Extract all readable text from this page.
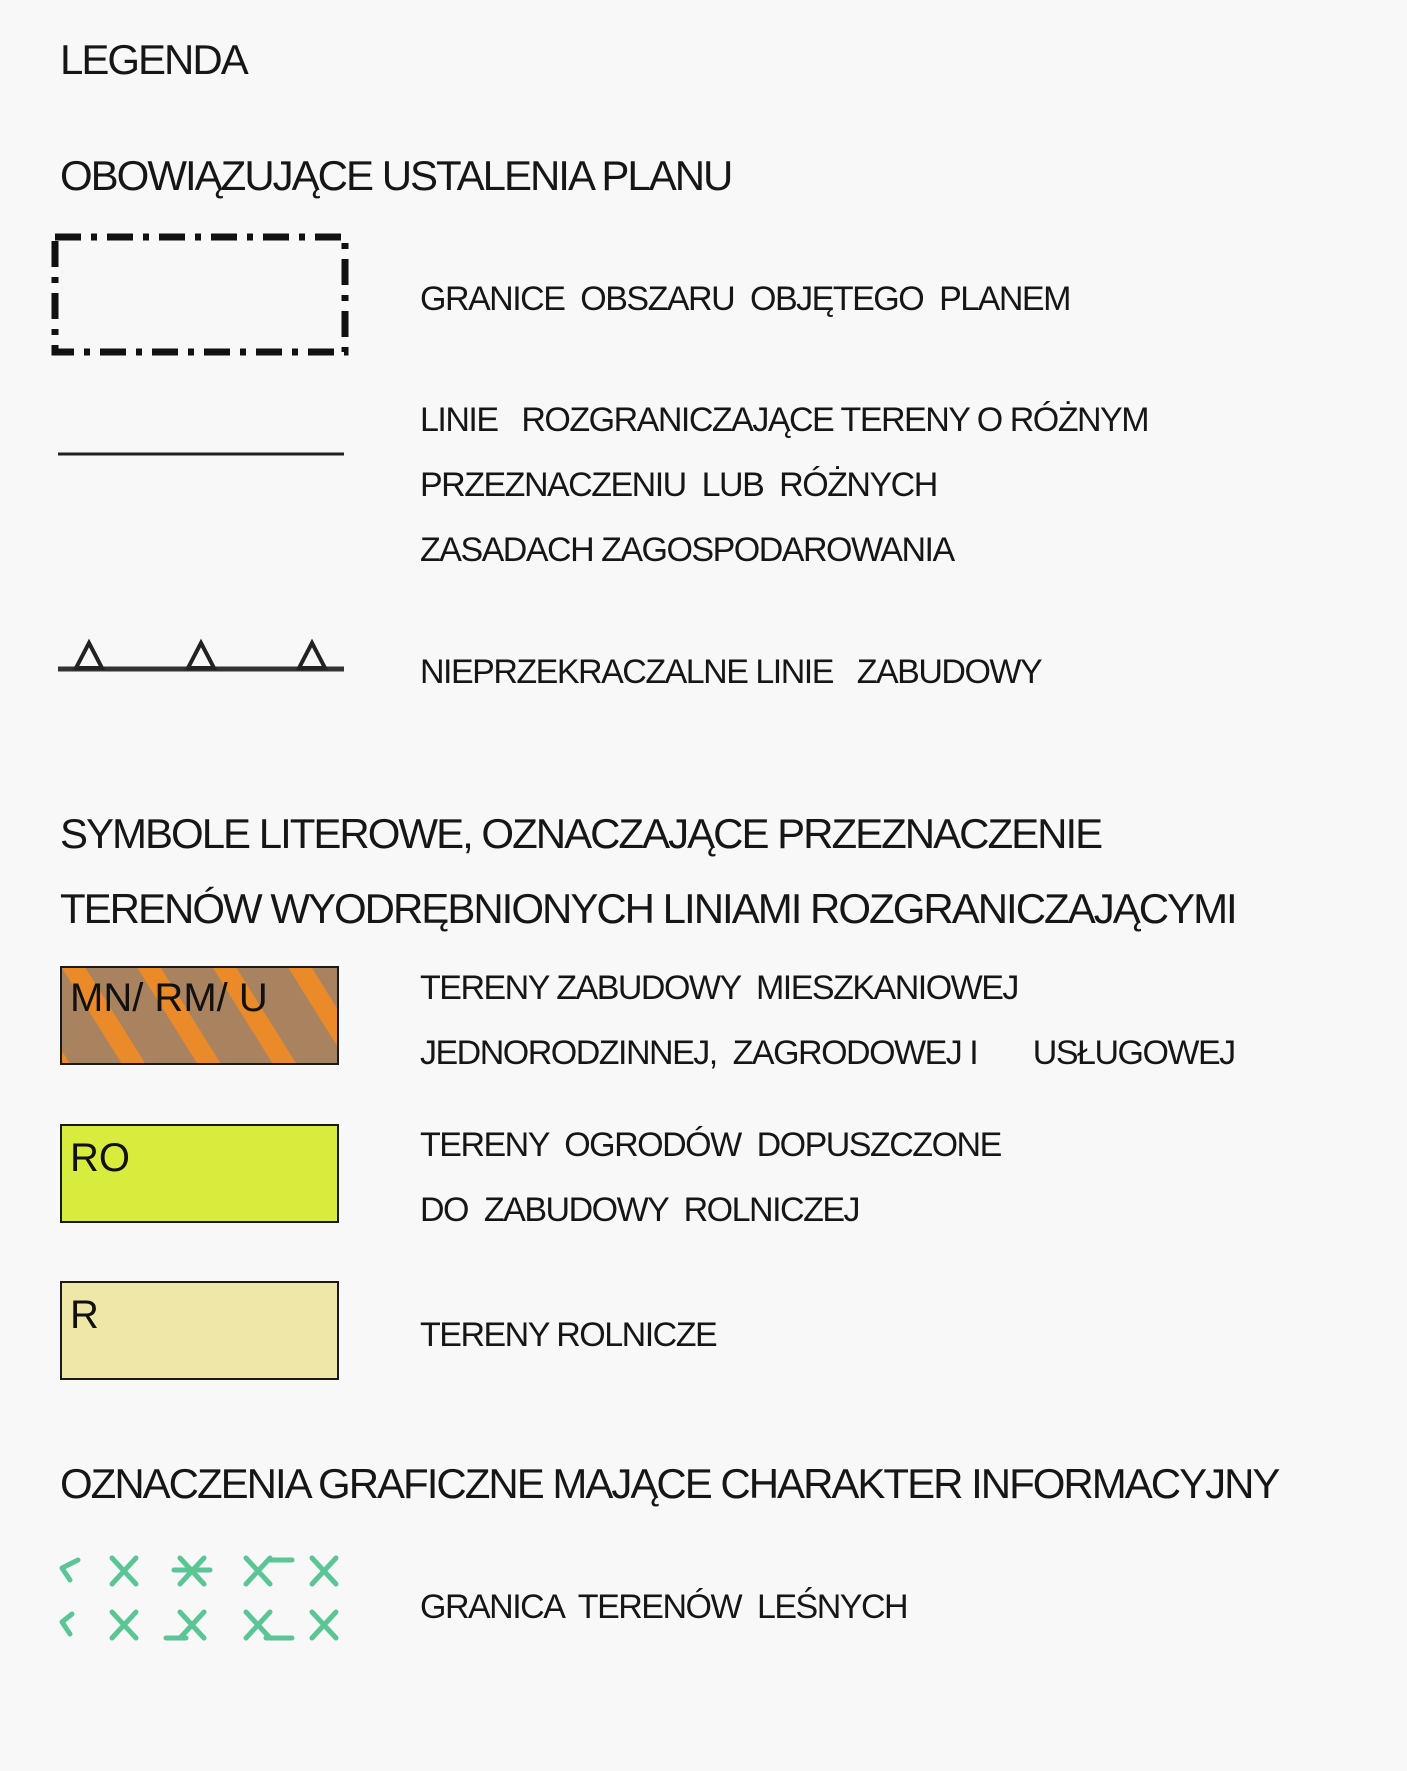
LEGENDA
OBOWIĄZUJĄCE USTALENIA PLANU
GRANICE  OBSZARU  OBJĘTEGO  PLANEM
LINIE   ROZGRANICZAJĄCE TERENY O RÓŻNYM
PRZEZNACZENIU  LUB  RÓŻNYCH
ZASADACH ZAGOSPODAROWANIA
NIEPRZEKRACZALNE LINIE   ZABUDOWY
SYMBOLE LITEROWE, OZNACZAJĄCE PRZEZNACZENIE
TERENÓW WYODRĘBNIONYCH LINIAMI ROZGRANICZAJĄCYMI
MN/ RM/ U	TERENY ZABUDOWY  MIESZKANIOWEJ
JEDNORODZINNEJ,  ZAGRODOWEJ I       USŁUGOWEJ
RO	TERENY  OGRODÓW  DOPUSZCZONE
DO  ZABUDOWY  ROLNICZEJ
R	TERENY ROLNICZE
OZNACZENIA GRAFICZNE MAJĄCE CHARAKTER INFORMACYJNY
GRANICA  TERENÓW  LEŚNYCH
